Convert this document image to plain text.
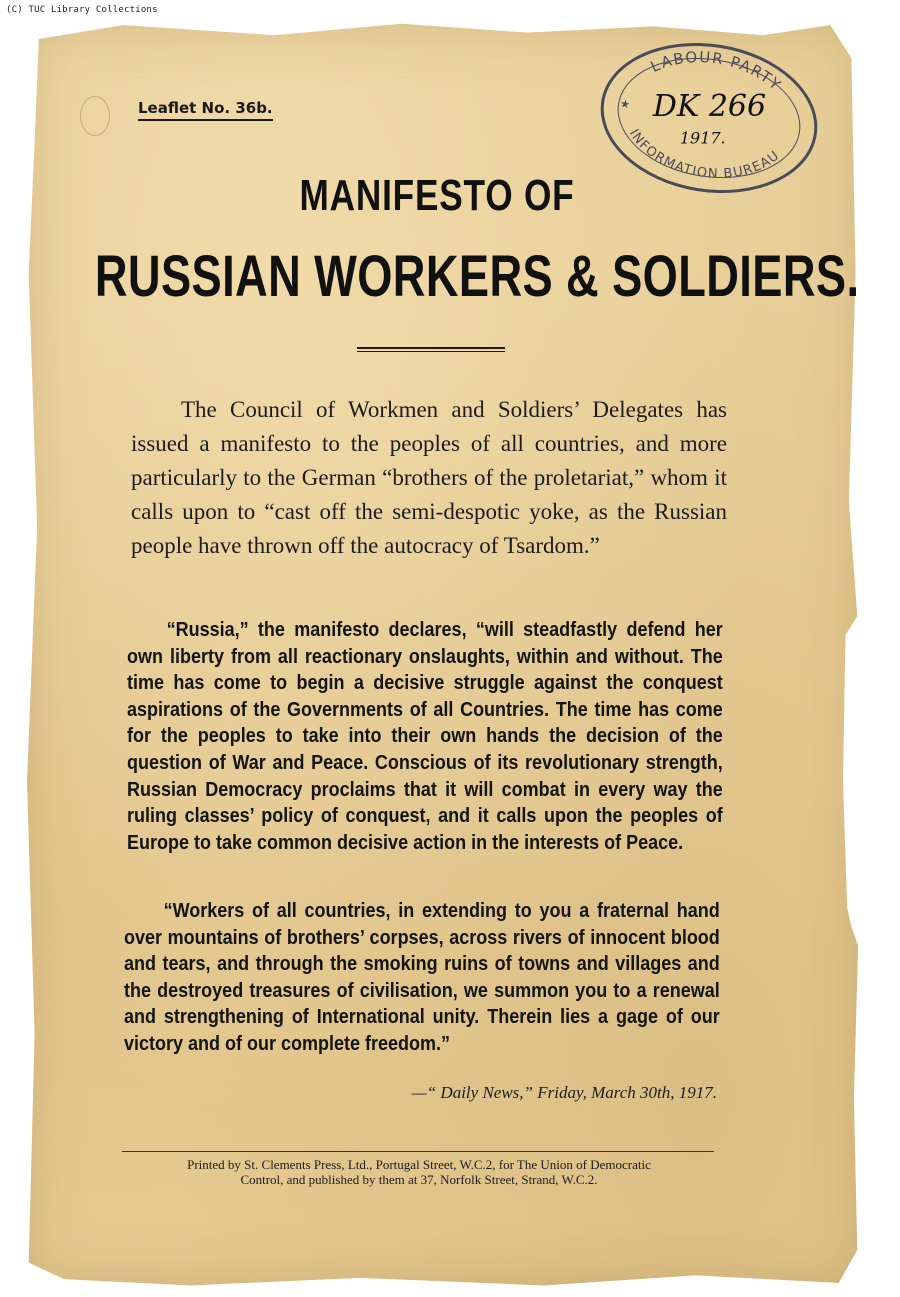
(C) TUC Library Collections
Leaflet No. 36b.
LABOUR PARTY
INFORMATION BUREAU
★ DK 266
1917.
MANIFESTO OF
RUSSIAN WORKERS & SOLDIERS.

The Council of Workmen and Soldiers’ Delegates has issued a manifesto to the peoples of all countries, and more particularly to the German “brothers of the proletariat,” whom it calls upon to “cast off the semi-despotic yoke, as the Russian people have thrown off the autocracy of Tsardom.”

“Russia,” the manifesto declares, “will steadfastly defend her own liberty from all reactionary onslaughts, within and without. The time has come to begin a decisive struggle against the conquest aspirations of the Governments of all Countries. The time has come for the peoples to take into their own hands the decision of the question of War and Peace. Conscious of its revolutionary strength, Russian Democracy proclaims that it will combat in every way the ruling classes’ policy of conquest, and it calls upon the peoples of Europe to take common decisive action in the interests of Peace.

“Workers of all countries, in extending to you a fraternal hand over mountains of brothers’ corpses, across rivers of innocent blood and tears, and through the smoking ruins of towns and villages and the destroyed treasures of civilisation, we summon you to a renewal and strengthening of International unity. Therein lies a gage of our victory and of our complete freedom.”

—“ Daily News,” Friday, March 30th, 1917.

Printed by St. Clements Press, Ltd., Portugal Street, W.C.2, for The Union of Democratic
Control, and published by them at 37, Norfolk Street, Strand, W.C.2.
